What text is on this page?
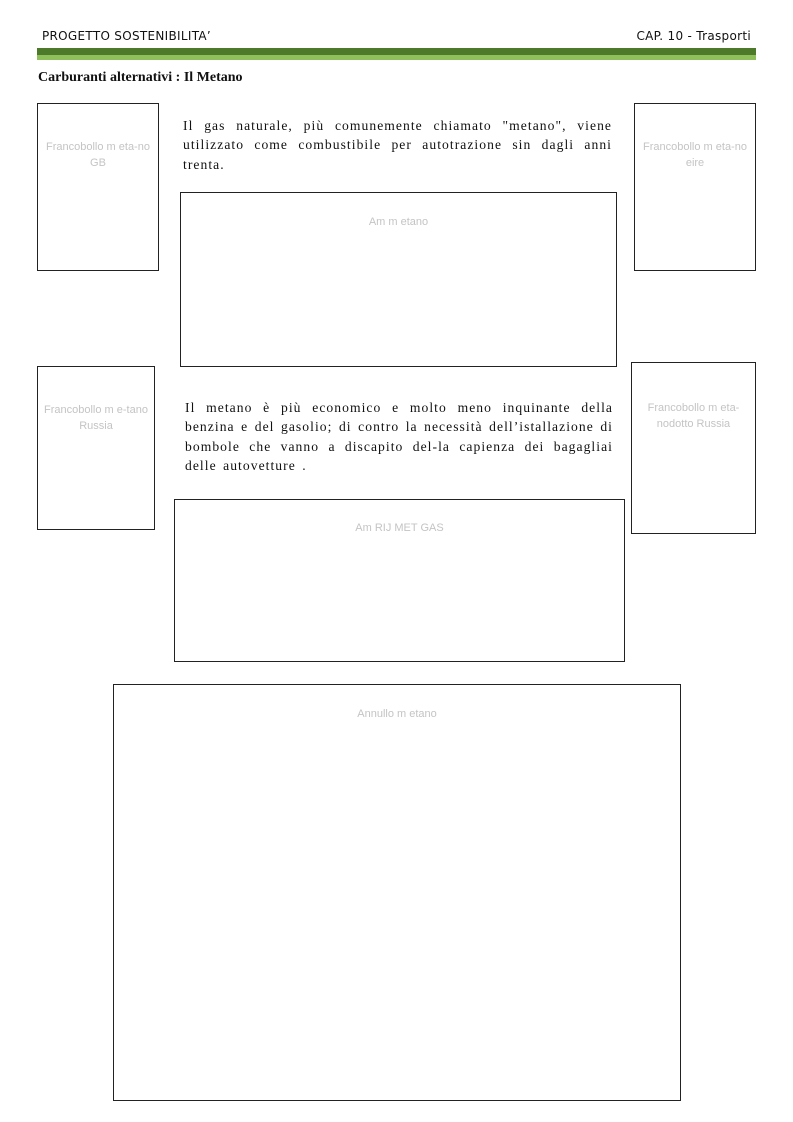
PROGETTO SOSTENIBILITA’	CAP. 10 - Trasporti
Carburanti alternativi : Il Metano
Francobollo m eta-no GB
Francobollo m eta-no eire
Il gas naturale, più comunemente chiamato "metano", viene utilizzato come combustibile per autotrazione sin dagli anni trenta.
Am m etano
Francobollo m e-tano Russia
Francobollo m eta-nodotto Russia
Il metano è più economico e molto meno inquinante della benzina e del gasolio; di contro la necessità dell’istallazione di bombole che vanno a discapito del-la capienza dei bagagliai delle autovetture .
Am RIJ MET GAS
Annullo m etano
